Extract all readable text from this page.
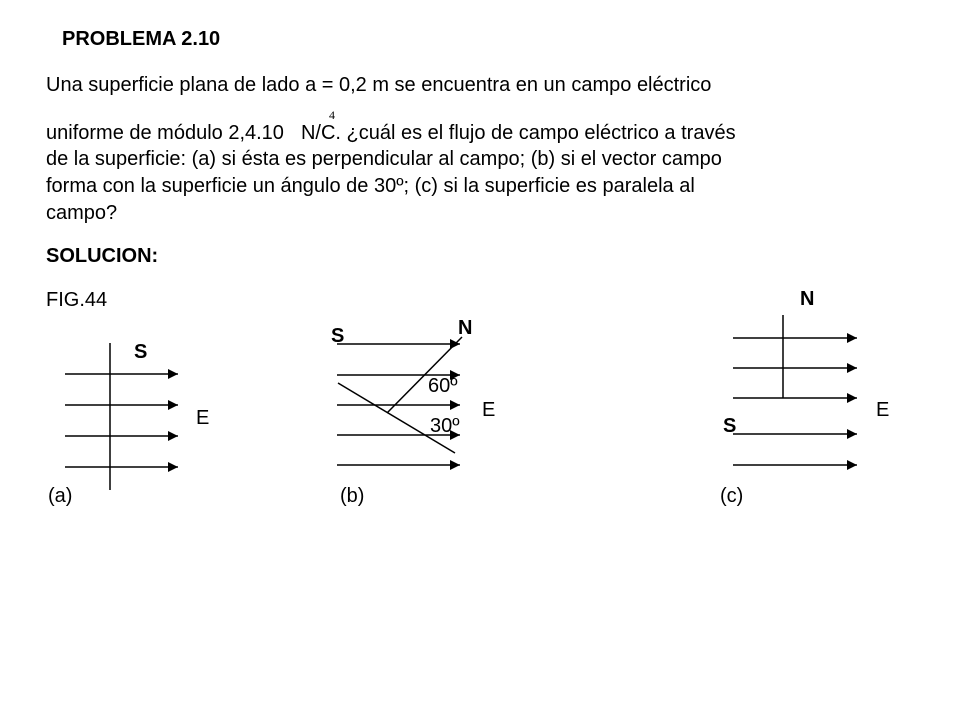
PROBLEMA 2.10
Una superficie plana de lado a = 0,2 m se encuentra en un campo eléctrico
uniforme de módulo 2,4.10 N/C. ¿cuál es el flujo de campo eléctrico a través
4
de la superficie: (a) si ésta es perpendicular al campo; (b) si el vector campo
forma con la superficie un ángulo de 30º; (c) si la superficie es paralela al
campo?
SOLUCION:
FIG.44
S
E
(a)
S	N
60º
30º
E
(b)
N
S
E
(c)
